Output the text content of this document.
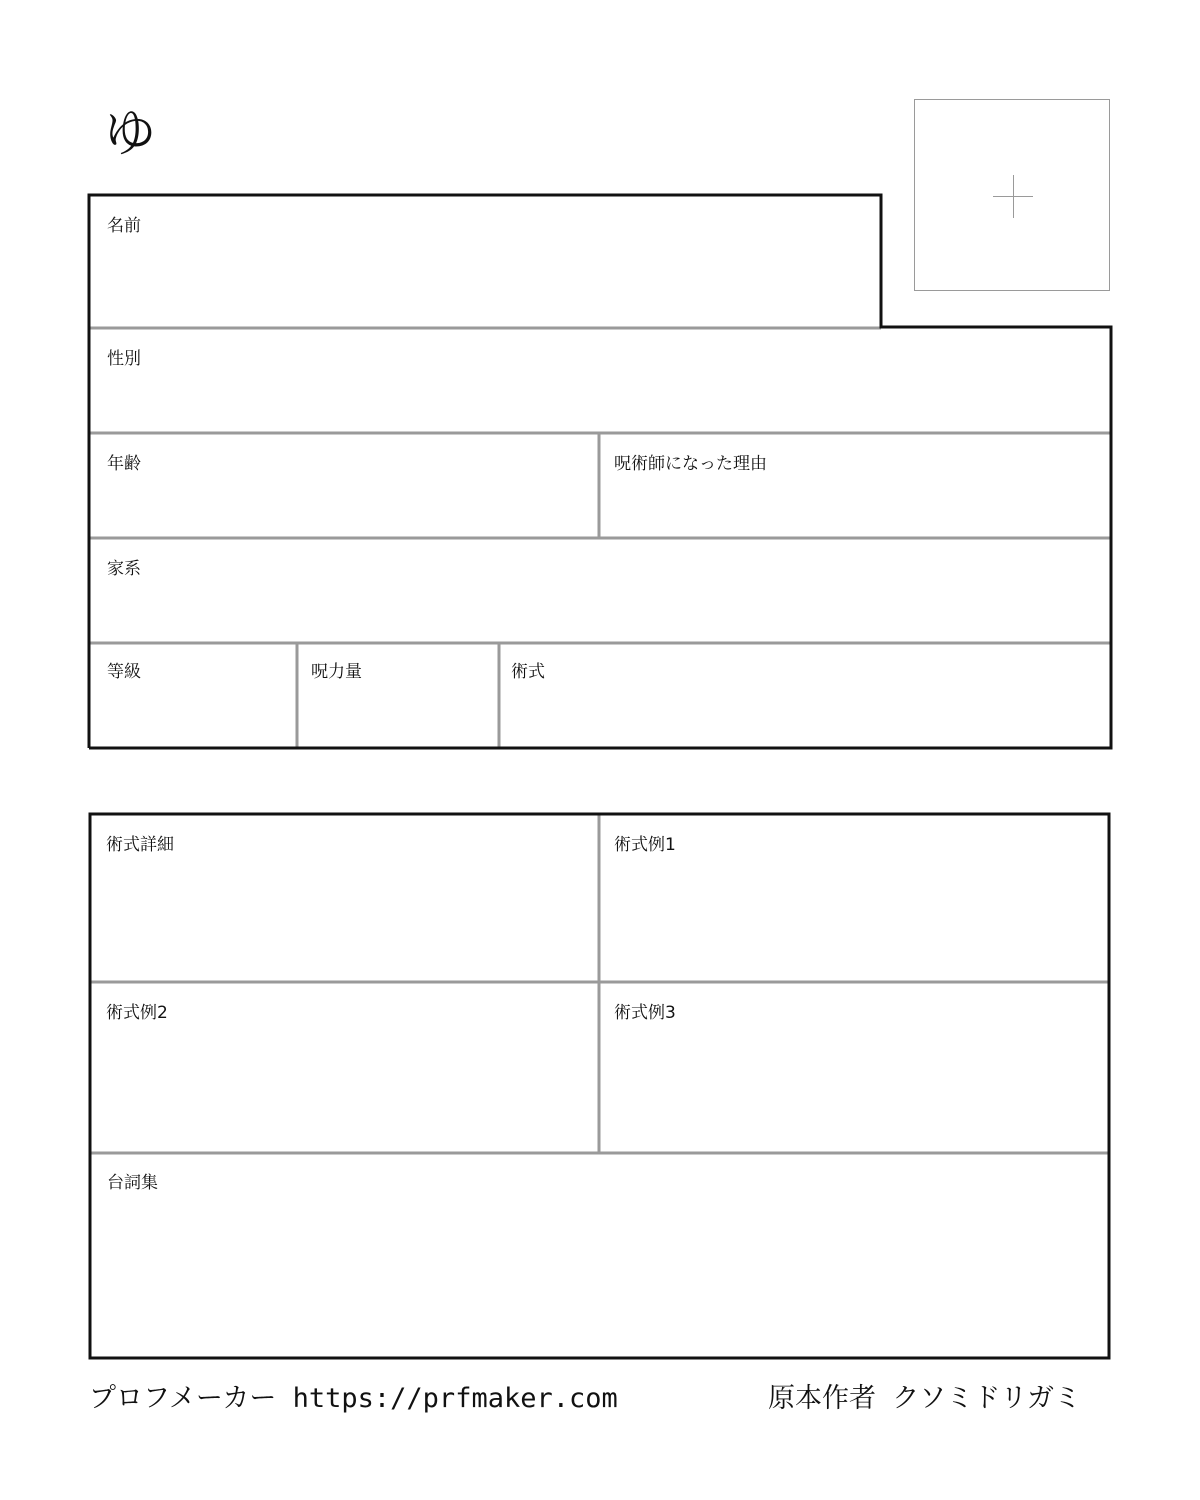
ゆ
名前
性別
年齢	呪術師になった理由
家系
等級	呪力量	術式
術式詳細	術式例1
術式例2	術式例3
台詞集
プロフメーカー https://prfmaker.com	原本作者 クソミドリガミ
